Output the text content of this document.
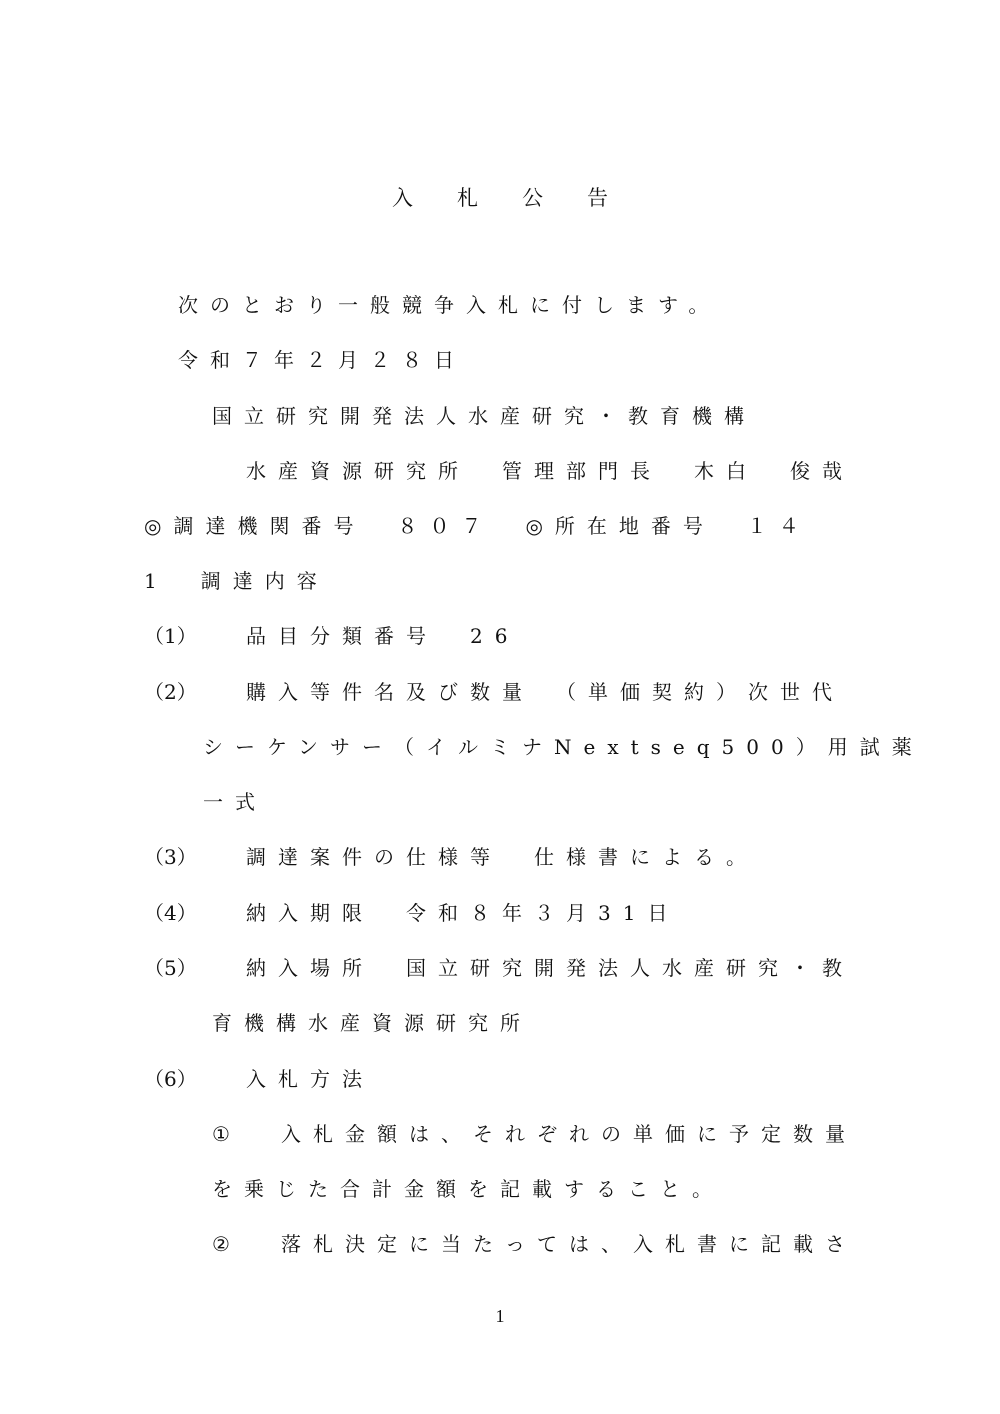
入札公告
次のとおり一般競争入札に付します。
令和７年２月２８日
国立研究開発法人水産研究・教育機構
水産資源研究所　管理部門長　木白　俊哉
◎調達機関番号　８０７　◎所在地番号　１４
1　調達内容
（1） 品目分類番号　26
（2） 購入等件名及び数量　（単価契約）次世代
シーケンサー（イルミナNextseq500）用試薬
一式
（3） 調達案件の仕様等　仕様書による。
（4） 納入期限　令和８年３月31日
（5） 納入場所　国立研究開発法人水産研究・教
育機構水産資源研究所
（6） 入札方法
①	入札金額は、それぞれの単価に予定数量
を乗じた合計金額を記載すること。
②	落札決定に当たっては、入札書に記載さ
1
